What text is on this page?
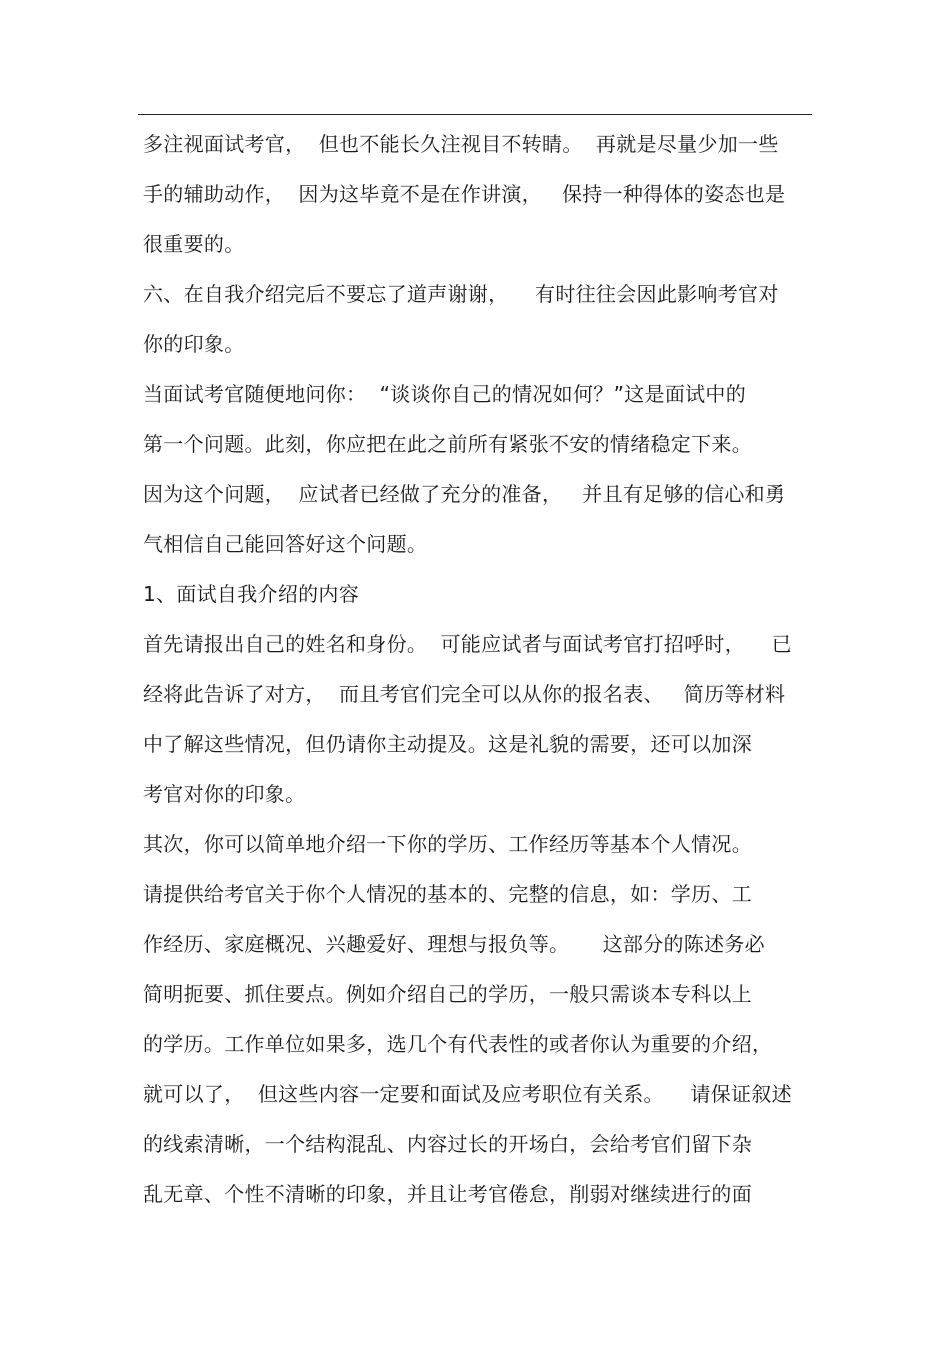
多注视面试考官，  但也不能长久注视目不转睛。  再就是尽量少加一些
手的辅助动作，  因为这毕竟不是在作讲演，   保持一种得体的姿态也是
很重要的。
六、在自我介绍完后不要忘了道声谢谢，    有时往往会因此影响考官对
你的印象。
当面试考官随便地问你：  “谈谈你自己的情况如何？”这是面试中的
第一个问题。此刻，你应把在此之前所有紧张不安的情绪稳定下来。
因为这个问题，  应试者已经做了充分的准备，   并且有足够的信心和勇
气相信自己能回答好这个问题。
1、面试自我介绍的内容
首先请报出自己的姓名和身份。  可能应试者与面试考官打招呼时，    已
经将此告诉了对方，  而且考官们完全可以从你的报名表、   简历等材料
中了解这些情况，但仍请你主动提及。这是礼貌的需要，还可以加深
考官对你的印象。
其次，你可以简单地介绍一下你的学历、工作经历等基本个人情况。
请提供给考官关于你个人情况的基本的、完整的信息，如：学历、工
作经历、家庭概况、兴趣爱好、理想与报负等。     这部分的陈述务必
简明扼要、抓住要点。例如介绍自己的学历，一般只需谈本专科以上
的学历。工作单位如果多，选几个有代表性的或者你认为重要的介绍，
就可以了，  但这些内容一定要和面试及应考职位有关系。    请保证叙述
的线索清晰，一个结构混乱、内容过长的开场白，会给考官们留下杂
乱无章、个性不清晰的印象，并且让考官倦怠，削弱对继续进行的面
